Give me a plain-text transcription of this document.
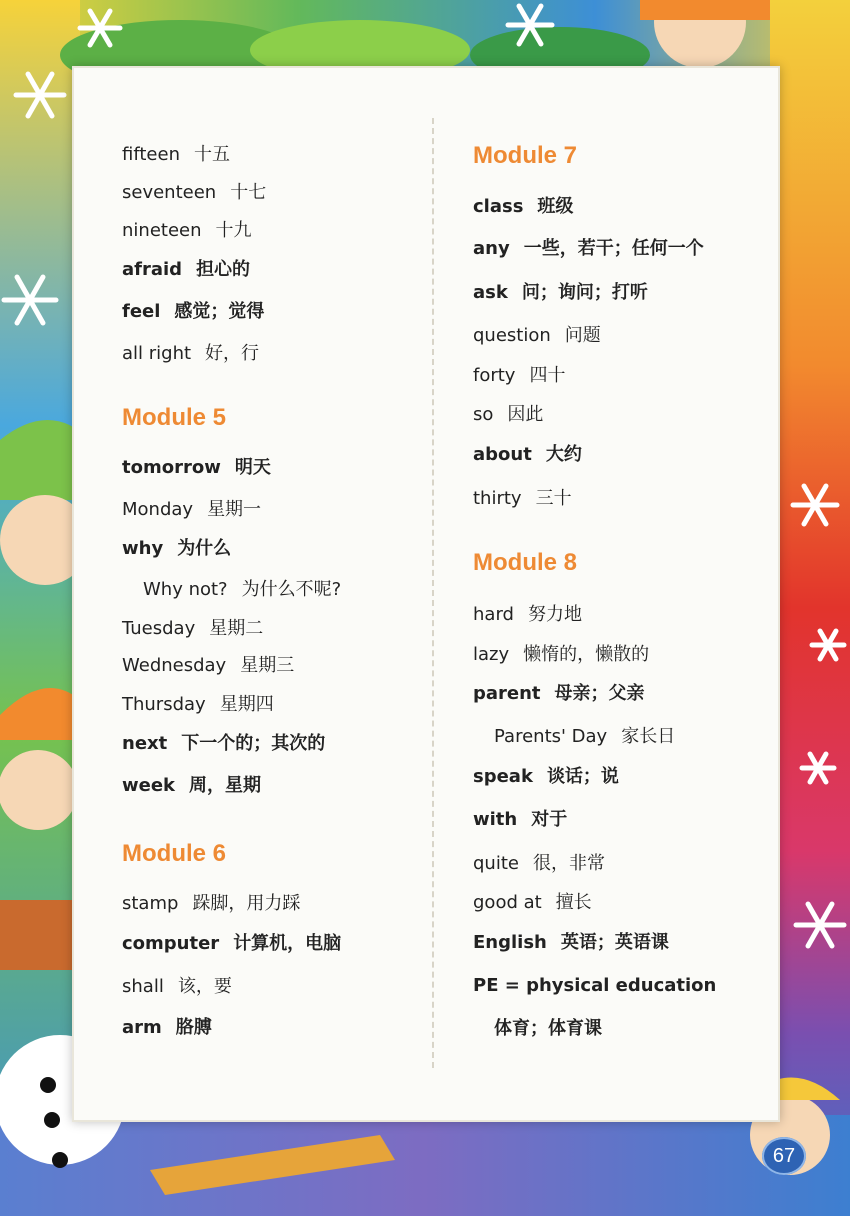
fifteen 十五
seventeen 十七
nineteen 十九
afraid 担心的
feel 感觉；觉得
all right 好，行
Module 5
tomorrow 明天
Monday 星期一
why 为什么
Why not? 为什么不呢?
Tuesday 星期二
Wednesday 星期三
Thursday 星期四
next 下一个的；其次的
week 周，星期
Module 6
stamp 跺脚，用力踩
computer 计算机，电脑
shall 该，要
arm 胳膊
Module 7
class 班级
any 一些，若干；任何一个
ask 问；询问；打听
question 问题
forty 四十
so 因此
about 大约
thirty 三十
Module 8
hard 努力地
lazy 懒惰的，懒散的
parent 母亲；父亲
Parents' Day 家长日
speak 谈话；说
with 对于
quite 很，非常
good at 擅长
English 英语；英语课
PE = physical education
体育；体育课
67
